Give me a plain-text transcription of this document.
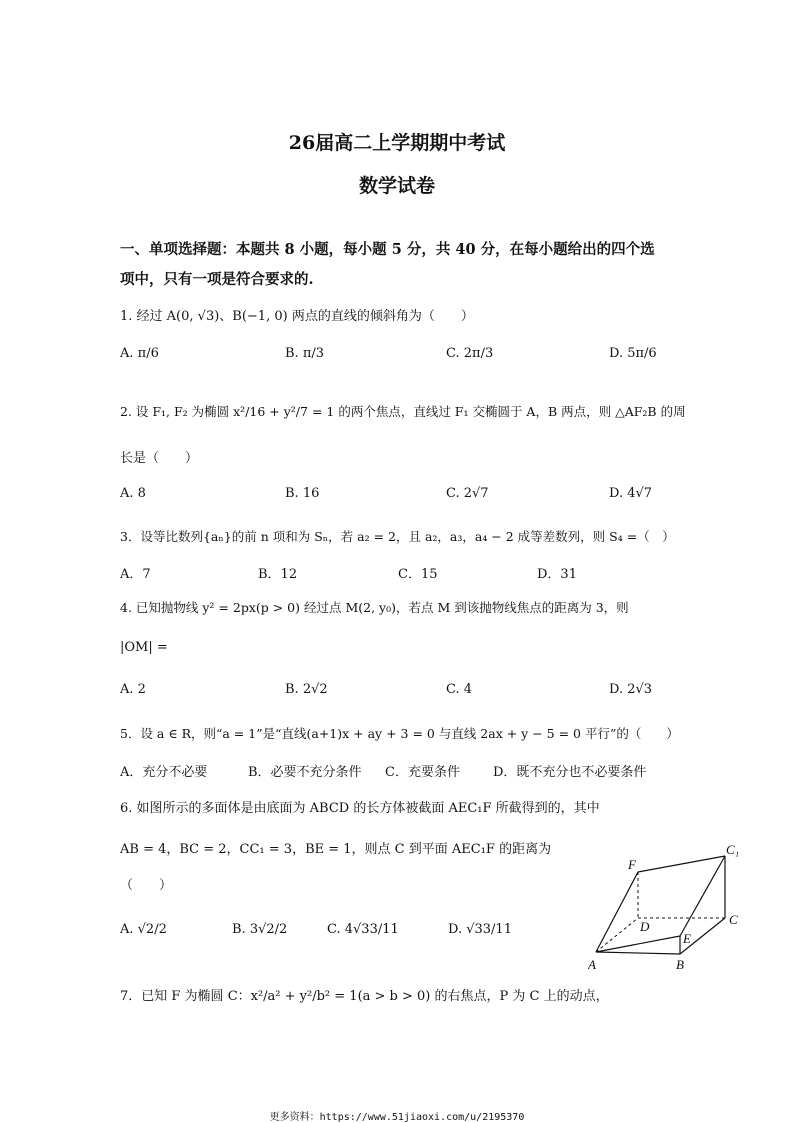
26届高二上学期期中考试
数学试卷
一、单项选择题：本题共 8 小题，每小题 5 分，共 40 分，在每小题给出的四个选
项中，只有一项是符合要求的.
1. 经过 A(0, √3)、B(−1, 0) 两点的直线的倾斜角为（　　）
A. π/6	B. π/3	C. 2π/3	D. 5π/6
2. 设 F₁, F₂ 为椭圆 x²/16 + y²/7 = 1 的两个焦点，直线过 F₁ 交椭圆于 A，B 两点，则 △AF₂B 的周
长是（　　）
A. 8	B. 16	C. 2√7	D. 4√7
3．设等比数列{aₙ}的前 n 项和为 Sₙ，若 a₂ = 2，且 a₂，a₃，a₄ − 2 成等差数列，则 S₄ =（　）
A．7	B．12	C．15	D．31
4. 已知抛物线 y² = 2px(p > 0) 经过点 M(2, y₀)，若点 M 到该抛物线焦点的距离为 3，则
|OM| =
A. 2	B. 2√2	C. 4	D. 2√3
5．设 a ∈ R，则“a = 1”是“直线(a+1)x + ay + 3 = 0 与直线 2ax + y − 5 = 0 平行”的（　　）
A．充分不必要	B．必要不充分条件 C．充要条件	D．既不充分也不必要条件
6. 如图所示的多面体是由底面为 ABCD 的长方体被截面 AEC₁F 所截得到的，其中
AB = 4，BC = 2，CC₁ = 3，BE = 1，则点 C 到平面 AEC₁F 的距离为
（　　）
A. √2/2	B. 3√2/2	C. 4√33/11	D. √33/11
F
C₁
D	C
E
A	B
7．已知 F 为椭圆 C：x²/a² + y²/b² = 1(a > b > 0) 的右焦点，P 为 C 上的动点，
更多资料：https://www.51jiaoxi.com/u/2195370
